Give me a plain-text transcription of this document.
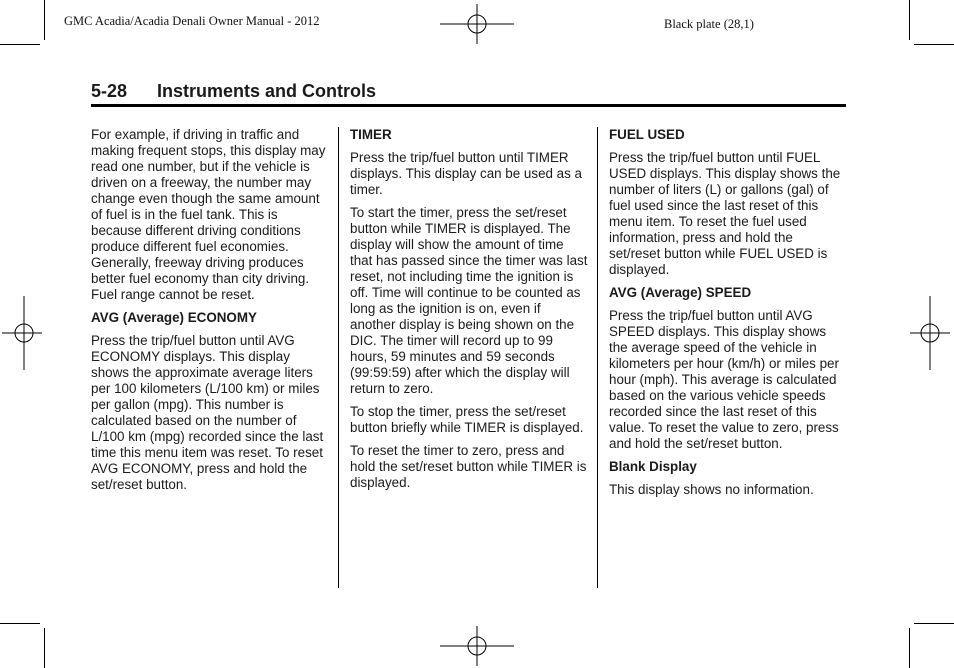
GMC Acadia/Acadia Denali Owner Manual - 2012	Black plate (28,1)
5-28 Instruments and Controls

For example, if driving in traffic and making frequent stops, this display may read one number, but if the vehicle is driven on a freeway, the number may change even though the same amount of fuel is in the fuel tank. This is because different driving conditions produce different fuel economies. Generally, freeway driving produces better fuel economy than city driving. Fuel range cannot be reset.

AVG (Average) ECONOMY

Press the trip/fuel button until AVG ECONOMY displays. This display shows the approximate average liters per 100 kilometers (L/100 km) or miles per gallon (mpg). This number is calculated based on the number of L/100 km (mpg) recorded since the last time this menu item was reset. To reset AVG ECONOMY, press and hold the set/reset button.

TIMER

Press the trip/fuel button until TIMER displays. This display can be used as a timer.

To start the timer, press the set/reset button while TIMER is displayed. The display will show the amount of time that has passed since the timer was last reset, not including time the ignition is off. Time will continue to be counted as long as the ignition is on, even if another display is being shown on the DIC. The timer will record up to 99 hours, 59 minutes and 59 seconds (99:59:59) after which the display will return to zero.

To stop the timer, press the set/reset button briefly while TIMER is displayed.

To reset the timer to zero, press and hold the set/reset button while TIMER is displayed.

FUEL USED

Press the trip/fuel button until FUEL USED displays. This display shows the number of liters (L) or gallons (gal) of fuel used since the last reset of this menu item. To reset the fuel used information, press and hold the set/reset button while FUEL USED is displayed.

AVG (Average) SPEED

Press the trip/fuel button until AVG SPEED displays. This display shows the average speed of the vehicle in kilometers per hour (km/h) or miles per hour (mph). This average is calculated based on the various vehicle speeds recorded since the last reset of this value. To reset the value to zero, press and hold the set/reset button.

Blank Display

This display shows no information.
